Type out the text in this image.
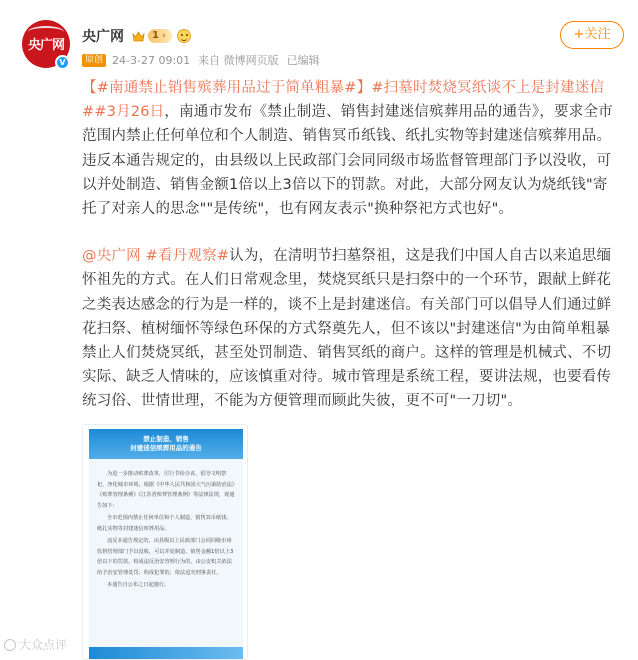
央广网
V
央广网	1 ›
原创 24-3-27 09:01 来自 微博网页版 已编辑
+关注

【#南通禁止销售殡葬用品过于简单粗暴#】#扫墓时焚烧冥纸谈不上是封建迷信##3月26日，南通市发布《禁止制造、销售封建迷信殡葬用品的通告》，要求全市范围内禁止任何单位和个人制造、销售冥币纸钱、纸扎实物等封建迷信殡葬用品。违反本通告规定的，由县级以上民政部门会同同级市场监督管理部门予以没收，可以并处制造、销售金额1倍以上3倍以下的罚款。对此，大部分网友认为烧纸钱"寄托了对亲人的思念""是传统"，也有网友表示"换种祭祀方式也好"。

@央广网 #看丹观察#认为，在清明节扫墓祭祖，这是我们中国人自古以来追思缅怀祖先的方式。在人们日常观念里，焚烧冥纸只是扫祭中的一个环节，跟献上鲜花之类表达感念的行为是一样的，谈不上是封建迷信。有关部门可以倡导人们通过鲜花扫祭、植树缅怀等绿色环保的方式祭奠先人，但不该以"封建迷信"为由简单粗暴禁止人们焚烧冥纸，甚至处罚制造、销售冥纸的商户。这样的管理是机械式、不切实际、缺乏人情味的，应该慎重对待。城市管理是系统工程，要讲法规，也要看传统习俗、世情世理，不能为方便管理而顾此失彼，更不可"一刀切"。

禁止制造、销售
封建迷信殡葬用品的通告

为进一步推动殡葬改革，厉行节俭办丧，倡导文明祭祀，净化城市环境，根据《中华人民共和国大气污染防治法》《殡葬管理条例》《江苏省殡葬管理条例》等法律法规，现通告如下：

全市范围内禁止任何单位和个人制造、销售冥币纸钱、纸扎实物等封建迷信殡葬用品。

违反本通告规定的，由县级以上民政部门会同同级市场监督管理部门予以没收，可以并处制造、销售金额1倍以上3倍以下的罚款。构成违反治安管理行为的，由公安机关依法给予治安管理处罚；构成犯罪的，依法追究刑事责任。

本通告自公布之日起施行。

大众点评
